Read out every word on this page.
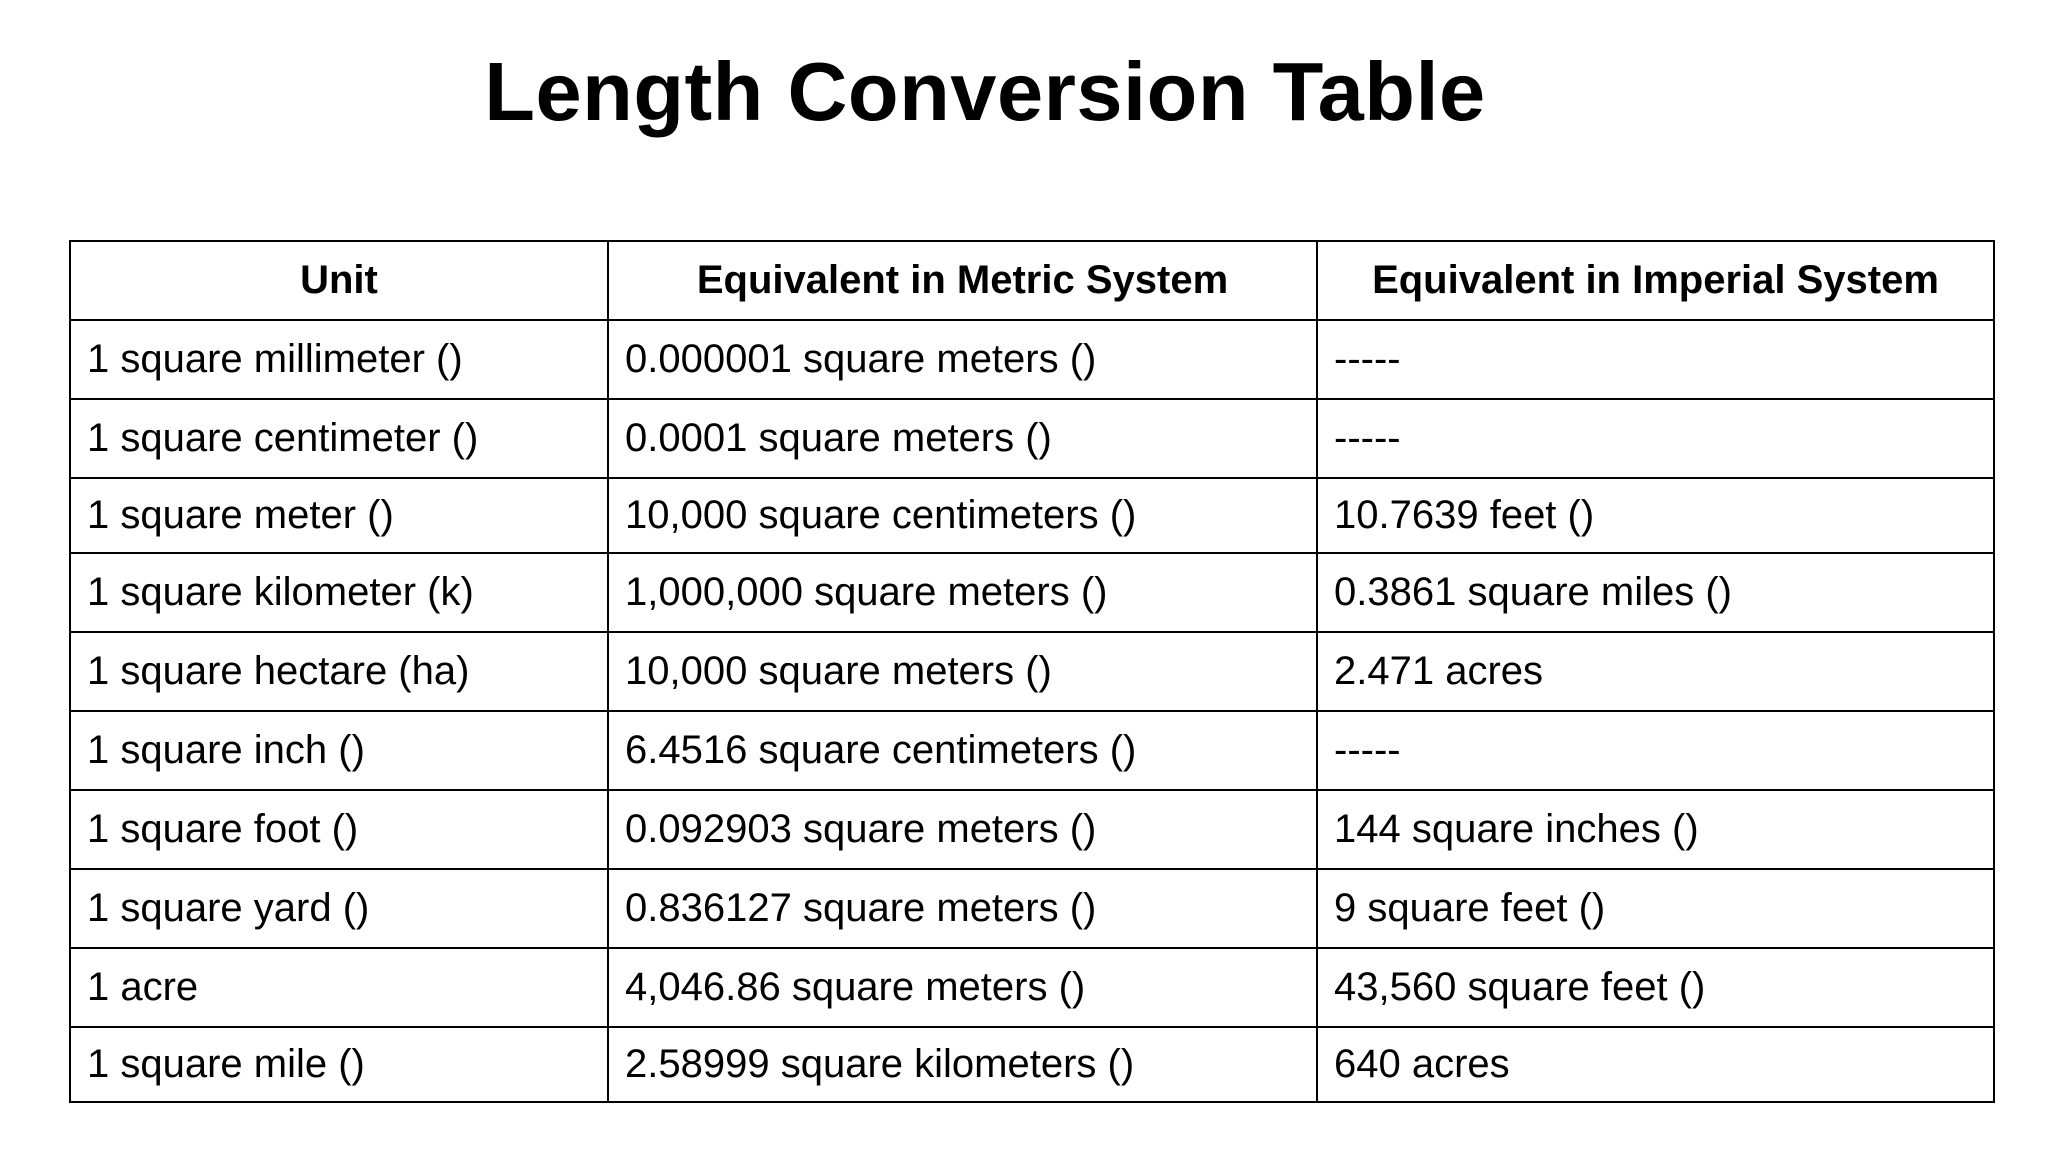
Length Conversion Table
Unit	Equivalent in Metric System	Equivalent in Imperial System
1 square millimeter ()	0.000001 square meters ()	-----
1 square centimeter ()	0.0001 square meters ()	-----
1 square meter ()	10,000 square centimeters ()	10.7639 feet ()
1 square kilometer (k)	1,000,000 square meters ()	0.3861 square miles ()
1 square hectare (ha)	10,000 square meters ()	2.471 acres
1 square inch ()	6.4516 square centimeters ()	-----
1 square foot ()	0.092903 square meters ()	144 square inches ()
1 square yard ()	0.836127 square meters ()	9 square feet ()
1 acre	4,046.86 square meters ()	43,560 square feet ()
1 square mile ()	2.58999 square kilometers ()	640 acres
